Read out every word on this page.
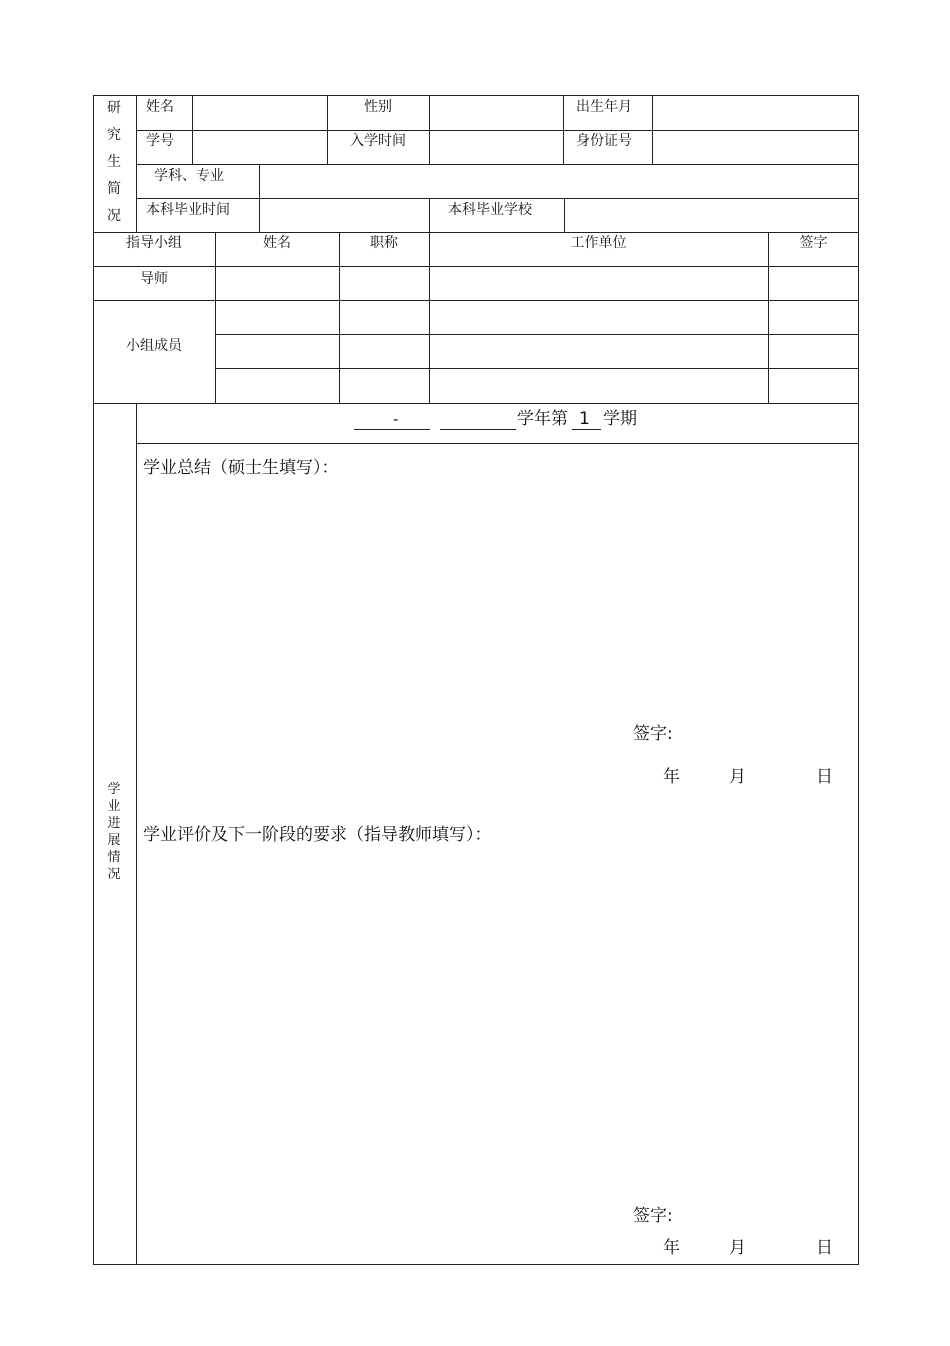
研
究
生
简
况
姓名	性别	出生年月
学号	入学时间	身份证号
学科、专业
本科毕业时间	本科毕业学校
指导小组	姓名	职称	工作单位	签字
导师
小组成员
学
业
进
展
情
况
-	学年第 1 学期
学业总结（硕士生填写）：
签字:
年	月	日
学业评价及下一阶段的要求（指导教师填写）：
签字:
年	月	日
